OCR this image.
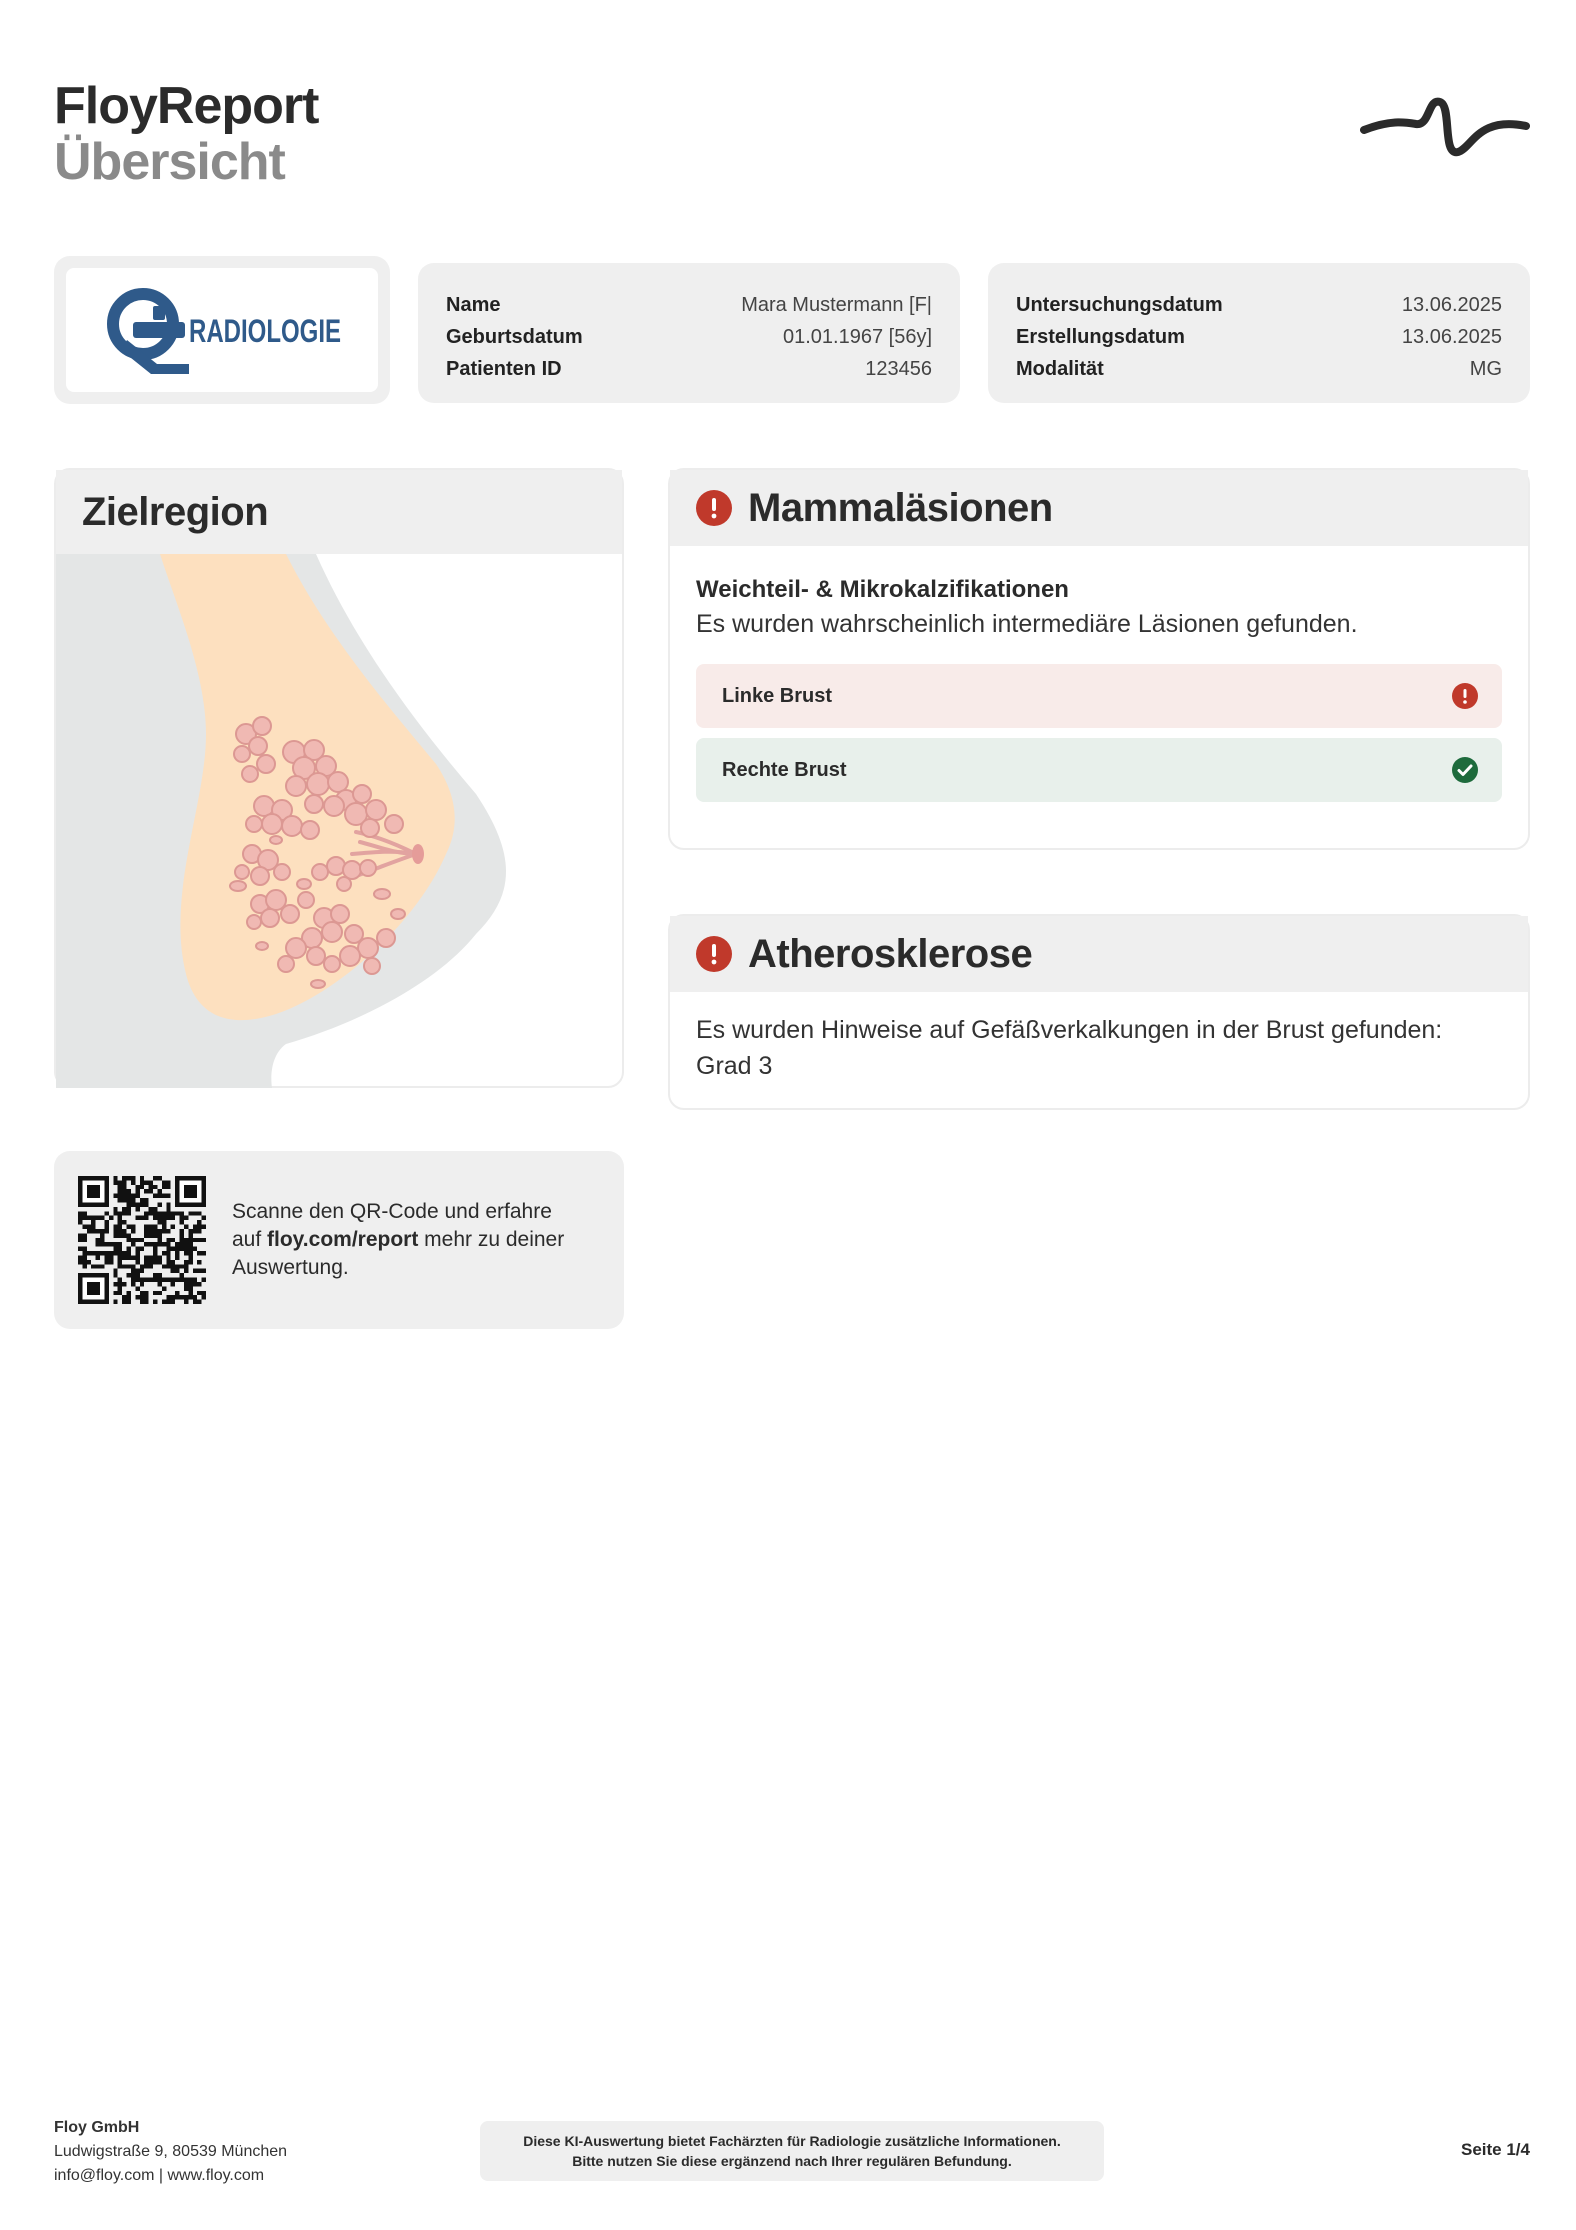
FloyReport
Übersicht
RADIOLOGIE
Name	Mara Mustermann [F|
Geburtsdatum	01.01.1967 [56y]
Patienten ID	123456
Untersuchungsdatum	13.06.2025
Erstellungsdatum	13.06.2025
Modalität	MG
Zielregion	Mammaläsionen
Weichteil- & Mikrokalzifikationen
Es wurden wahrscheinlich intermediäre Läsionen gefunden.
Linke Brust
Rechte Brust
Atherosklerose
Es wurden Hinweise auf Gefäßverkalkungen in der Brust gefunden:
Grad 3
Scanne den QR-Code und erfahre
auf floy.com/report mehr zu deiner
Auswertung.
Floy GmbH
Ludwigstraße 9, 80539 München
info@floy.com | www.floy.com
Diese KI-Auswertung bietet Fachärzten für Radiologie zusätzliche Informationen.
Bitte nutzen Sie diese ergänzend nach Ihrer regulären Befundung.
Seite 1/4
